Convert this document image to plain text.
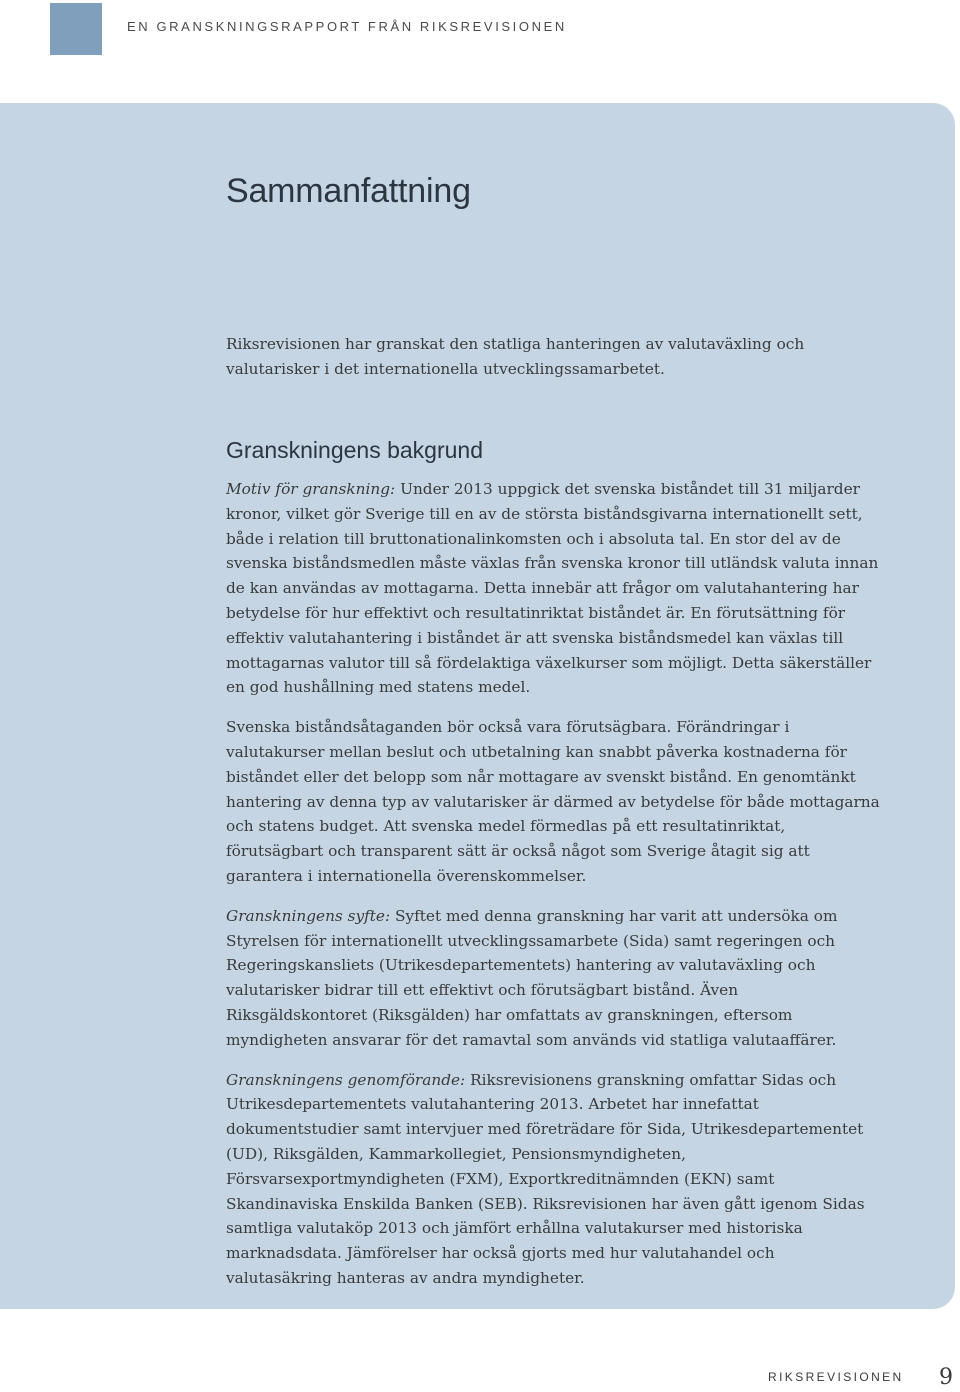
EN GRANSKNINGSRAPPORT FRÅN RIKSREVISIONEN
Sammanfattning

Riksrevisionen har granskat den statliga hanteringen av valutaväxling och valutarisker i det internationella utvecklingssamarbetet.

Granskningens bakgrund

Motiv för granskning: Under 2013 uppgick det svenska biståndet till 31 miljarder kronor, vilket gör Sverige till en av de största biståndsgivarna internationellt sett, både i relation till bruttonationalinkomsten och i absoluta tal. En stor del av de svenska biståndsmedlen måste växlas från svenska kronor till utländsk valuta innan de kan användas av mottagarna. Detta innebär att frågor om valutahantering har betydelse för hur effektivt och resultatinriktat biståndet är. En förutsättning för effektiv valutahantering i biståndet är att svenska biståndsmedel kan växlas till mottagarnas valutor till så fördelaktiga växelkurser som möjligt. Detta säkerställer en god hushållning med statens medel.

Svenska biståndsåtaganden bör också vara förutsägbara. Förändringar i valutakurser mellan beslut och utbetalning kan snabbt påverka kostnaderna för biståndet eller det belopp som når mottagare av svenskt bistånd. En genomtänkt hantering av denna typ av valutarisker är därmed av betydelse för både mottagarna och statens budget. Att svenska medel förmedlas på ett resultatinriktat, förutsägbart och transparent sätt är också något som Sverige åtagit sig att garantera i internationella överenskommelser.

Granskningens syfte: Syftet med denna granskning har varit att undersöka om Styrelsen för internationellt utvecklingssamarbete (Sida) samt regeringen och Regeringskansliets (Utrikesdepartementets) hantering av valutaväxling och valutarisker bidrar till ett effektivt och förutsägbart bistånd. Även Riksgäldskontoret (Riksgälden) har omfattats av granskningen, eftersom myndigheten ansvarar för det ramavtal som används vid statliga valutaaffärer.

Granskningens genomförande: Riksrevisionens granskning omfattar Sidas och Utrikesdepartementets valutahantering 2013. Arbetet har innefattat dokumentstudier samt intervjuer med företrädare för Sida, Utrikesdepartementet (UD), Riksgälden, Kammarkollegiet, Pensionsmyndigheten, Försvarsexportmyndigheten (FXM), Exportkreditnämnden (EKN) samt Skandinaviska Enskilda Banken (SEB). Riksrevisionen har även gått igenom Sidas samtliga valutaköp 2013 och jämfört erhållna valutakurser med historiska marknadsdata. Jämförelser har också gjorts med hur valutahandel och valutasäkring hanteras av andra myndigheter.

RIKSREVISIONEN 9
